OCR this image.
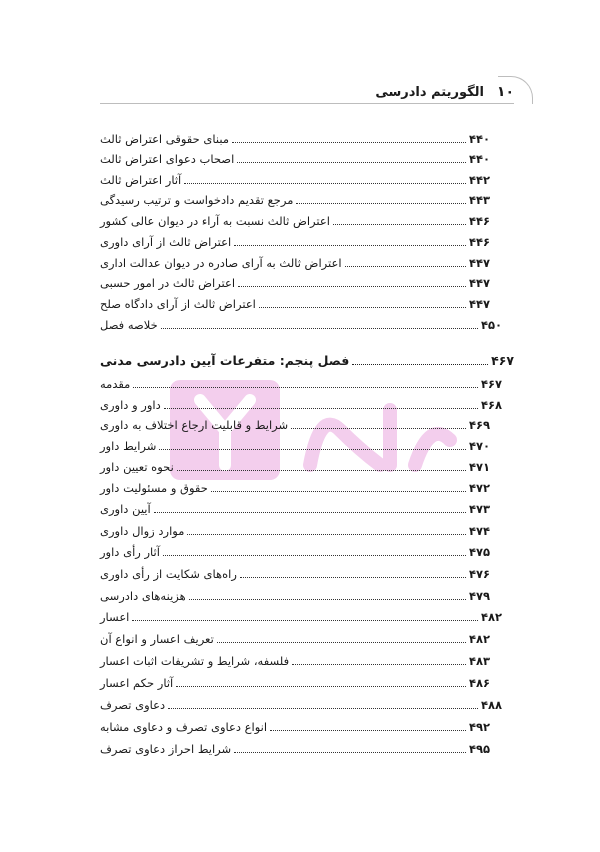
۱۰
الگوریتم دادرسی
مبنای حقوقی اعتراض ثالث	۴۴۰
اصحاب دعوای اعتراض ثالث	۴۴۰
آثار اعتراض ثالث	۴۴۲
مرجع تقدیم دادخواست و ترتیب رسیدگی	۴۴۳
اعتراض ثالث نسبت به آراء در دیوان عالی کشور	۴۴۶
اعتراض ثالث از آرای داوری	۴۴۶
اعتراض ثالث به آرای صادره در دیوان عدالت اداری	۴۴۷
اعتراض ثالث در امور حسبی	۴۴۷
اعتراض ثالث از آرای دادگاه صلح	۴۴۷
خلاصه فصل	۴۵۰
فصل پنجم: متفرعات آیین دادرسی مدنی	۴۶۷
مقدمه	۴۶۷
داور و داوری	۴۶۸
شرایط و قابلیت ارجاع اختلاف به داوری	۴۶۹
شرایط داور	۴۷۰
نحوه تعیین داور	۴۷۱
حقوق و مسئولیت داور	۴۷۲
آیین داوری	۴۷۳
موارد زوال داوری	۴۷۴
آثار رأی داور	۴۷۵
راه‌های شکایت از رأی داوری	۴۷۶
هزینه‌های دادرسی	۴۷۹
اعسار	۴۸۲
تعریف اعسار و انواع آن	۴۸۲
فلسفه، شرایط و تشریفات اثبات اعسار	۴۸۳
آثار حکم اعسار	۴۸۶
دعاوی تصرف	۴۸۸
انواع دعاوی تصرف و دعاوی مشابه	۴۹۲
شرایط احراز دعاوی تصرف	۴۹۵
